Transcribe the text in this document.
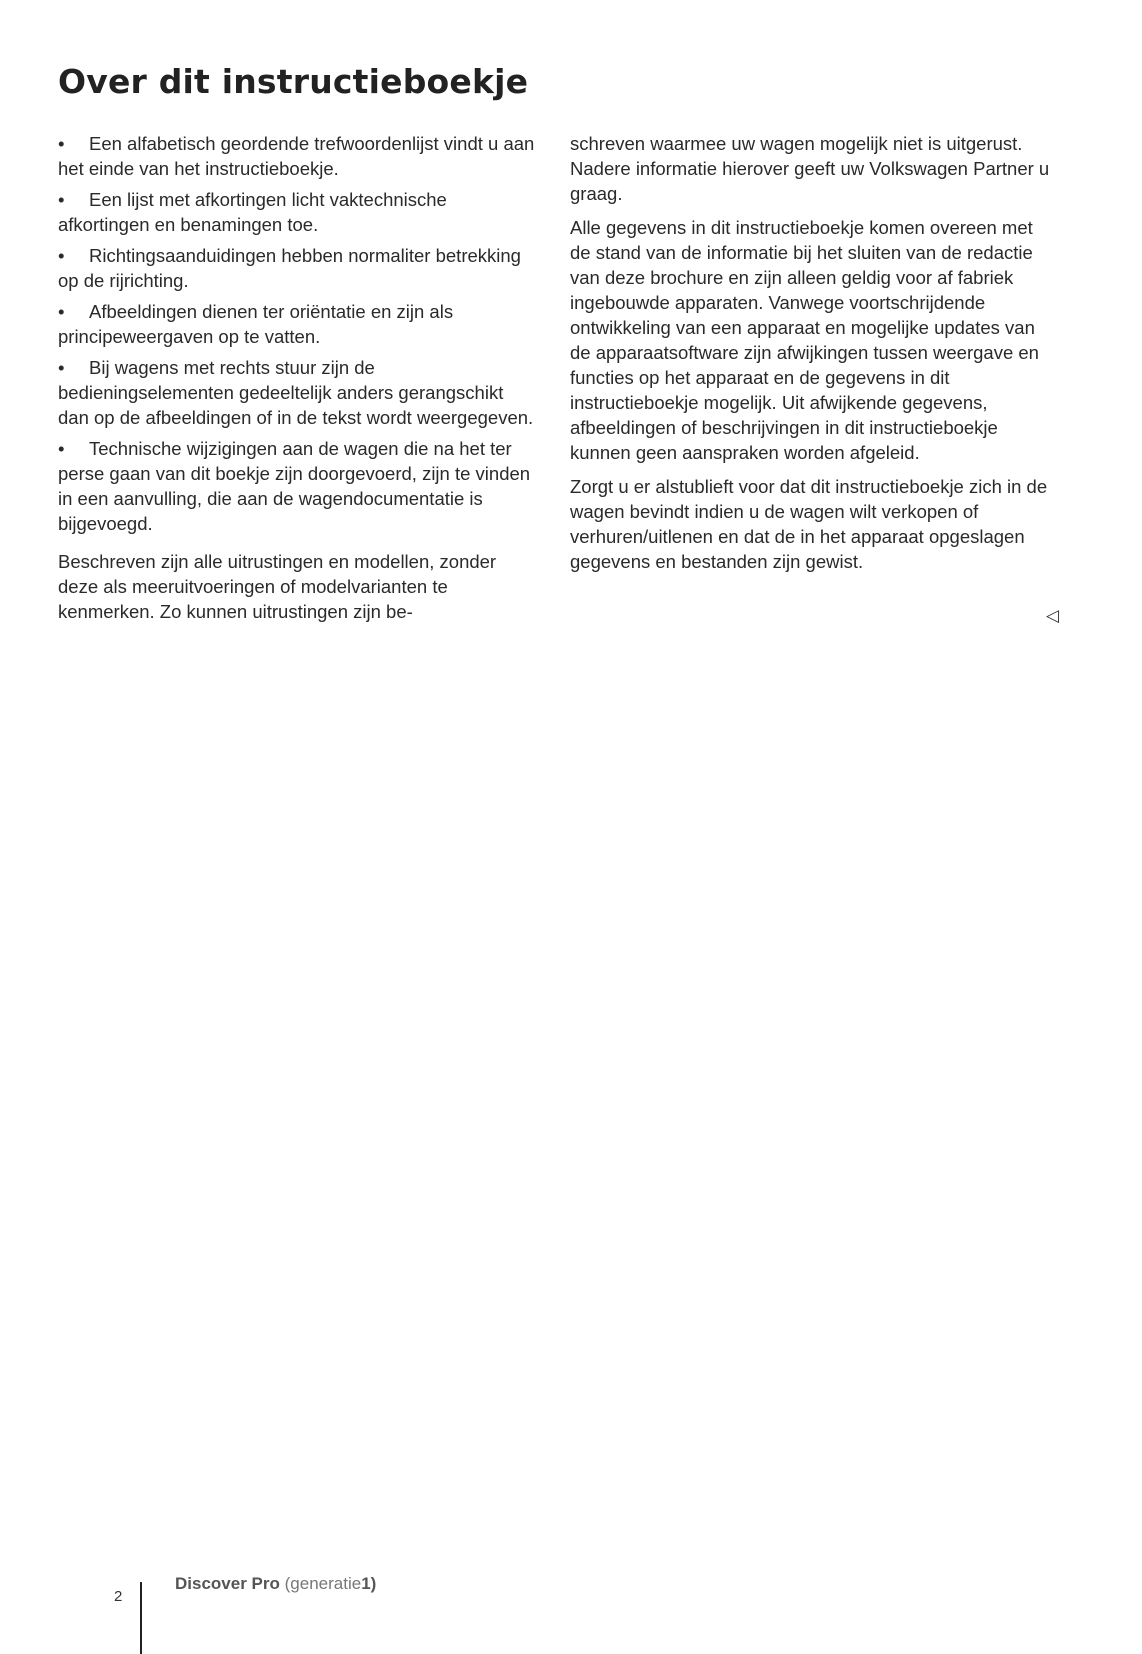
Over dit instructieboekje

• Een alfabetisch geordende trefwoordenlijst vindt u aan het einde van het instructieboekje.

• Een lijst met afkortingen licht vaktechnische afkortingen en benamingen toe.

• Richtingsaanduidingen hebben normaliter betrekking op de rijrichting.

• Afbeeldingen dienen ter oriëntatie en zijn als principeweergaven op te vatten.

• Bij wagens met rechts stuur zijn de bedieningselementen gedeeltelijk anders gerangschikt dan op de afbeeldingen of in de tekst wordt weergegeven.

• Technische wijzigingen aan de wagen die na het ter perse gaan van dit boekje zijn doorgevoerd, zijn te vinden in een aanvulling, die aan de wagendocumentatie is bijgevoegd.

Beschreven zijn alle uitrustingen en modellen, zonder deze als meeruitvoeringen of modelvarianten te kenmerken. Zo kunnen uitrustingen zijn be-

schreven waarmee uw wagen mogelijk niet is uitgerust. Nadere informatie hierover geeft uw Volkswagen Partner u graag.

Alle gegevens in dit instructieboekje komen overeen met de stand van de informatie bij het sluiten van de redactie van deze brochure en zijn alleen geldig voor af fabriek ingebouwde apparaten. Vanwege voortschrijdende ontwikkeling van een apparaat en mogelijke updates van de apparaatsoftware zijn afwijkingen tussen weergave en functies op het apparaat en de gegevens in dit instructieboekje mogelijk. Uit afwijkende gegevens, afbeeldingen of beschrijvingen in dit instructieboekje kunnen geen aanspraken worden afgeleid.

Zorgt u er alstublieft voor dat dit instructieboekje zich in de wagen bevindt indien u de wagen wilt verkopen of verhuren/uitlenen en dat de in het apparaat opgeslagen gegevens en bestanden zijn gewist.

◁
2
Discover Pro (generatie1)
